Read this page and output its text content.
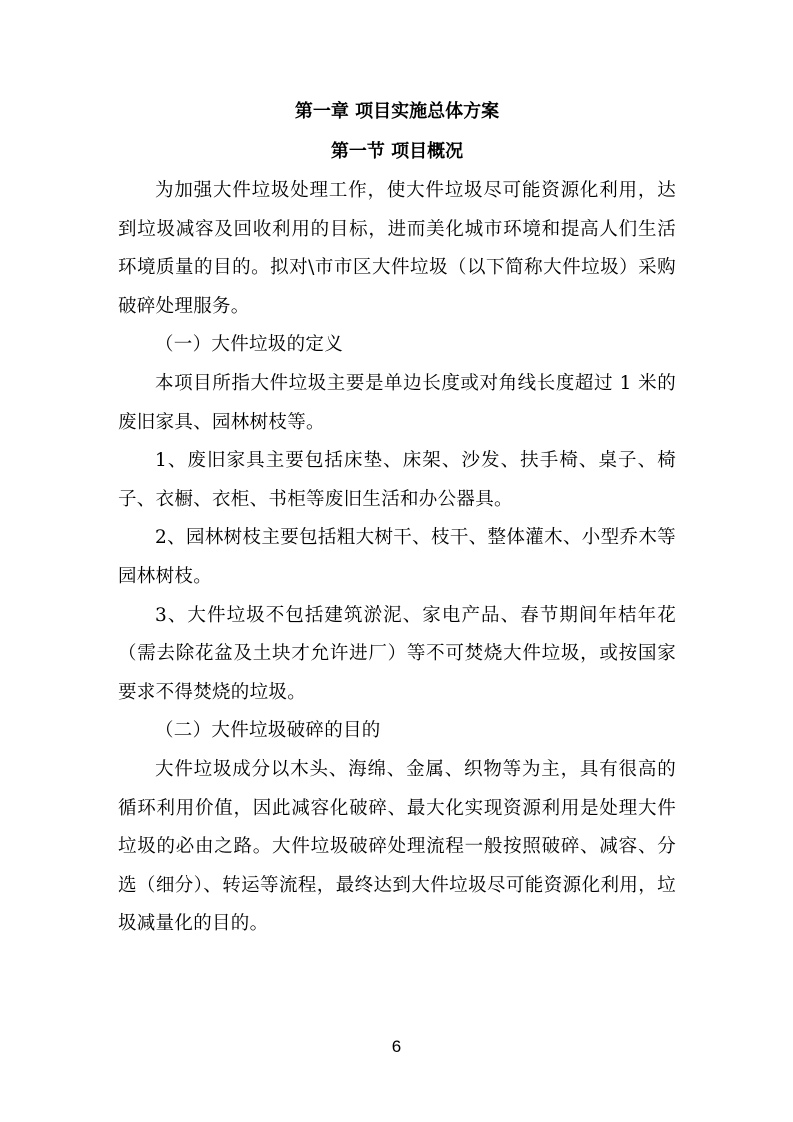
第一章 项目实施总体方案
第一节 项目概况

为加强大件垃圾处理工作，使大件垃圾尽可能资源化利用，达到垃圾减容及回收利用的目标，进而美化城市环境和提高人们生活环境质量的目的。拟对\市市区大件垃圾（以下简称大件垃圾）采购破碎处理服务。

（一）大件垃圾的定义

本项目所指大件垃圾主要是单边长度或对角线长度超过 1 米的废旧家具、园林树枝等。

1、废旧家具主要包括床垫、床架、沙发、扶手椅、桌子、椅子、衣橱、衣柜、书柜等废旧生活和办公器具。

2、园林树枝主要包括粗大树干、枝干、整体灌木、小型乔木等园林树枝。

3、大件垃圾不包括建筑淤泥、家电产品、春节期间年桔年花（需去除花盆及土块才允许进厂）等不可焚烧大件垃圾，或按国家要求不得焚烧的垃圾。

（二）大件垃圾破碎的目的

大件垃圾成分以木头、海绵、金属、织物等为主，具有很高的循环利用价值，因此减容化破碎、最大化实现资源利用是处理大件垃圾的必由之路。大件垃圾破碎处理流程一般按照破碎、减容、分选（细分）、转运等流程，最终达到大件垃圾尽可能资源化利用，垃圾减量化的目的。

6
